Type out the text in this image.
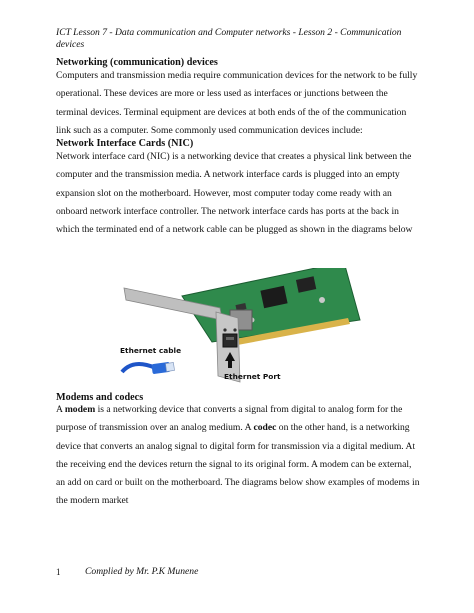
ICT Lesson 7 - Data communication and Computer networks - Lesson 2 - Communication devices
Networking (communication) devices

Computers and transmission media require communication devices for the network to be fully operational. These devices are more or less used as interfaces or junctions between the terminal devices. Terminal equipment are devices at both ends of the of the communication link such as a computer. Some commonly used communication devices include:

Network Interface Cards (NIC)

Network interface card (NIC) is a networking device that creates a physical link between the computer and the transmission media. A network interface cards is plugged into an empty expansion slot on the motherboard. However, most computer today come ready with an onboard network interface controller. The network interface cards has ports at the back in which the terminated end of a network cable can be plugged as shown in the diagrams below

Ethernet cable
Ethernet Port
Modems and codecs

A modem is a networking device that converts a signal from digital to analog form for the purpose of transmission over an analog medium. A codec on the other hand, is a networking device that converts an analog signal to digital form for transmission via a digital medium. At the receiving end the devices return the signal to its original form. A modem can be external, an add on card or built on the motherboard. The diagrams below show examples of modems in the modern market

1	Complied by Mr. P.K Munene
